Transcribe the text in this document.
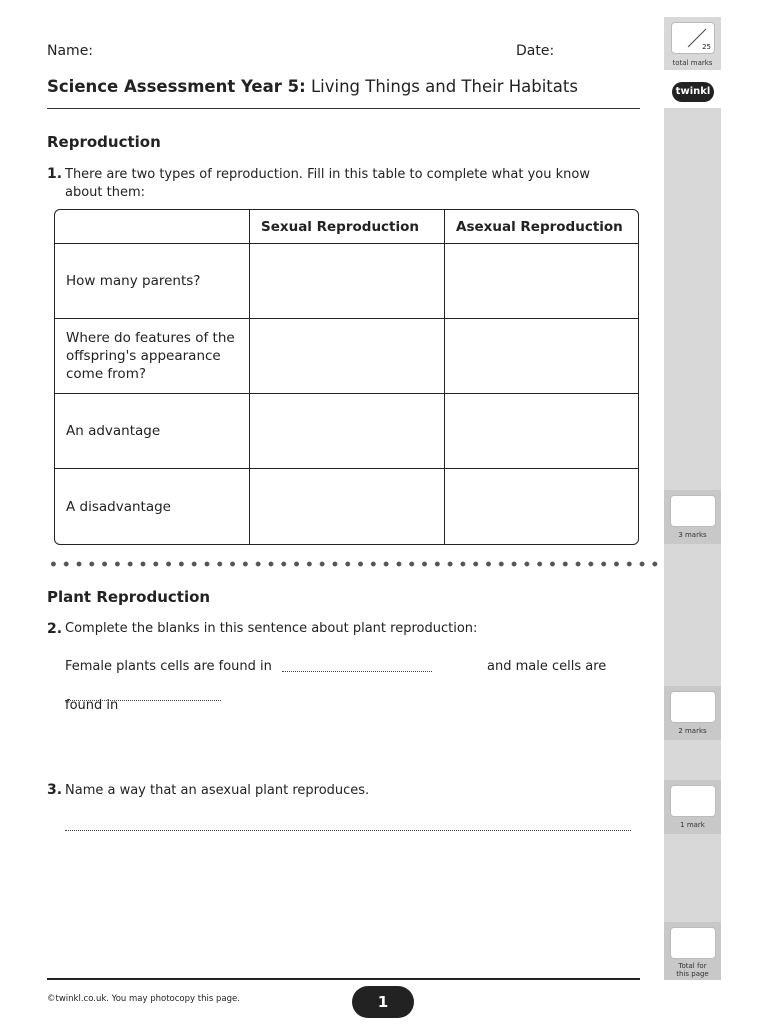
Name:	Date:
Science Assessment Year 5: Living Things and Their Habitats
25
total marks
twinkl
3 marks
2 marks
1 mark
Total for
this page
Reproduction
1. There are two types of reproduction. Fill in this table to complete what you know about them:
	Sexual Reproduction	Asexual Reproduction
How many parents?		
Where do features of the offspring's appearance come from?		
An advantage		
A disadvantage		
Plant Reproduction
2. Complete the blanks in this sentence about plant reproduction:
Female plants cells are found in	and male cells are
found in
3. Name a way that an asexual plant reproduces.
©twinkl.co.uk. You may photocopy this page.	1
